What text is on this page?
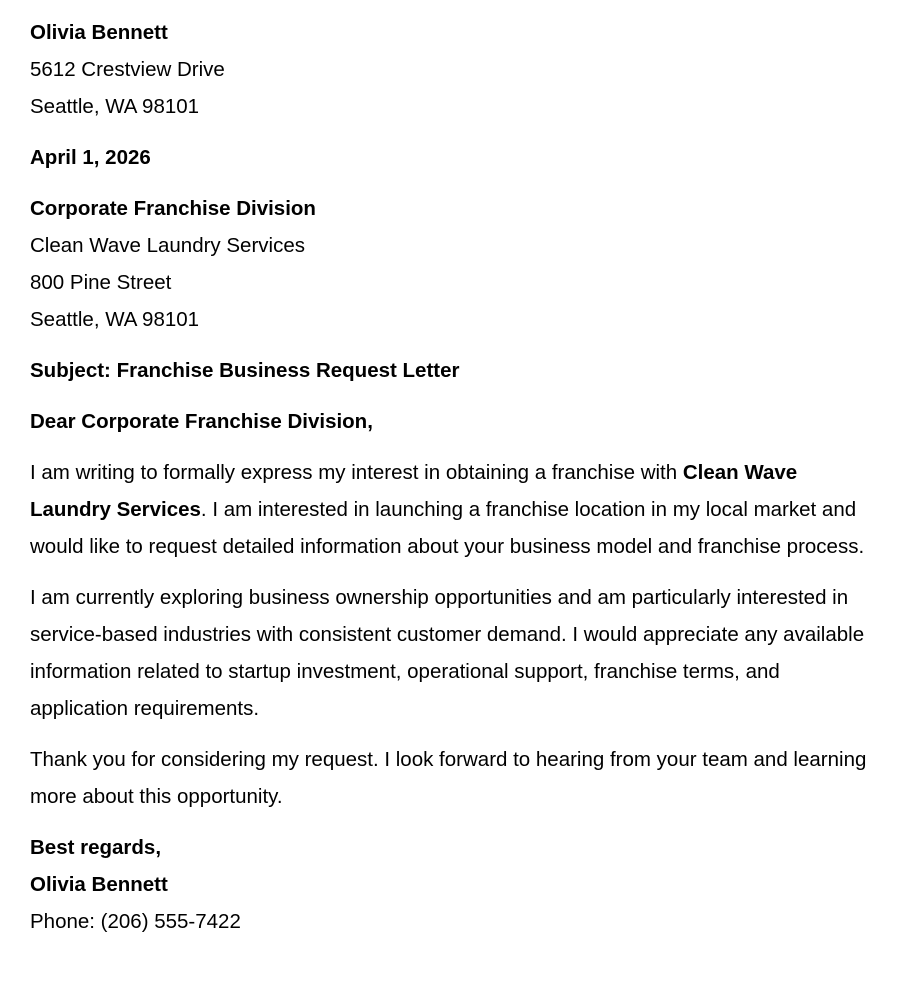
Olivia Bennett
5612 Crestview Drive
Seattle, WA 98101
April 1, 2026
Corporate Franchise Division
Clean Wave Laundry Services
800 Pine Street
Seattle, WA 98101
Subject: Franchise Business Request Letter
Dear Corporate Franchise Division,

I am writing to formally express my interest in obtaining a franchise with Clean Wave Laundry Services. I am interested in launching a franchise location in my local market and would like to request detailed information about your business model and franchise process.

I am currently exploring business ownership opportunities and am particularly interested in service-based industries with consistent customer demand. I would appreciate any available information related to startup investment, operational support, franchise terms, and application requirements.

Thank you for considering my request. I look forward to hearing from your team and learning more about this opportunity.

Best regards,
Olivia Bennett
Phone: (206) 555-7422
